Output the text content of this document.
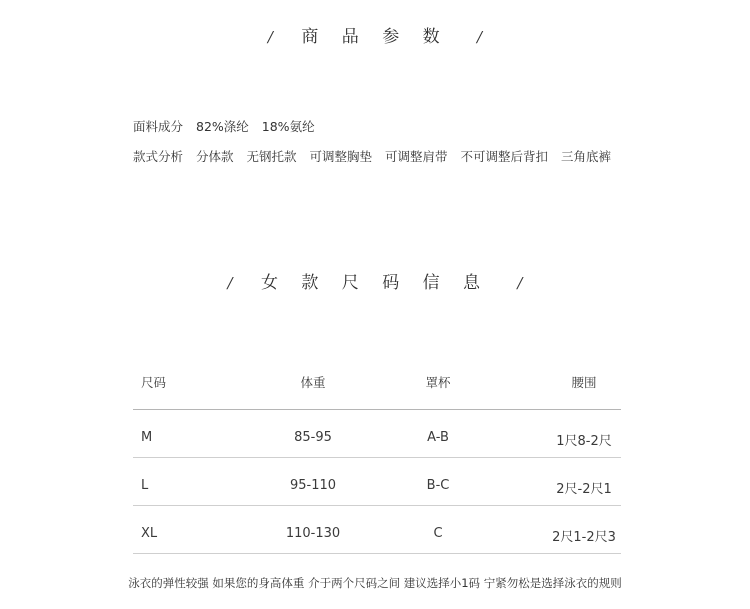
/ 商 品 参 数 /
面料成分 82%涤纶 18%氨纶
款式分析 分体款 无钢托款 可调整胸垫 可调整肩带 不可调整后背扣 三角底裤
/ 女 款 尺 码 信 息 /
尺码	体重	罩杯	腰围
M	85-95	A-B	1尺8-2尺
L	95-110	B-C	2尺-2尺1
XL	110-130	C	2尺1-2尺3
泳衣的弹性较强 如果您的身高体重 介于两个尺码之间 建议选择小1码 宁紧勿松是选择泳衣的规则
